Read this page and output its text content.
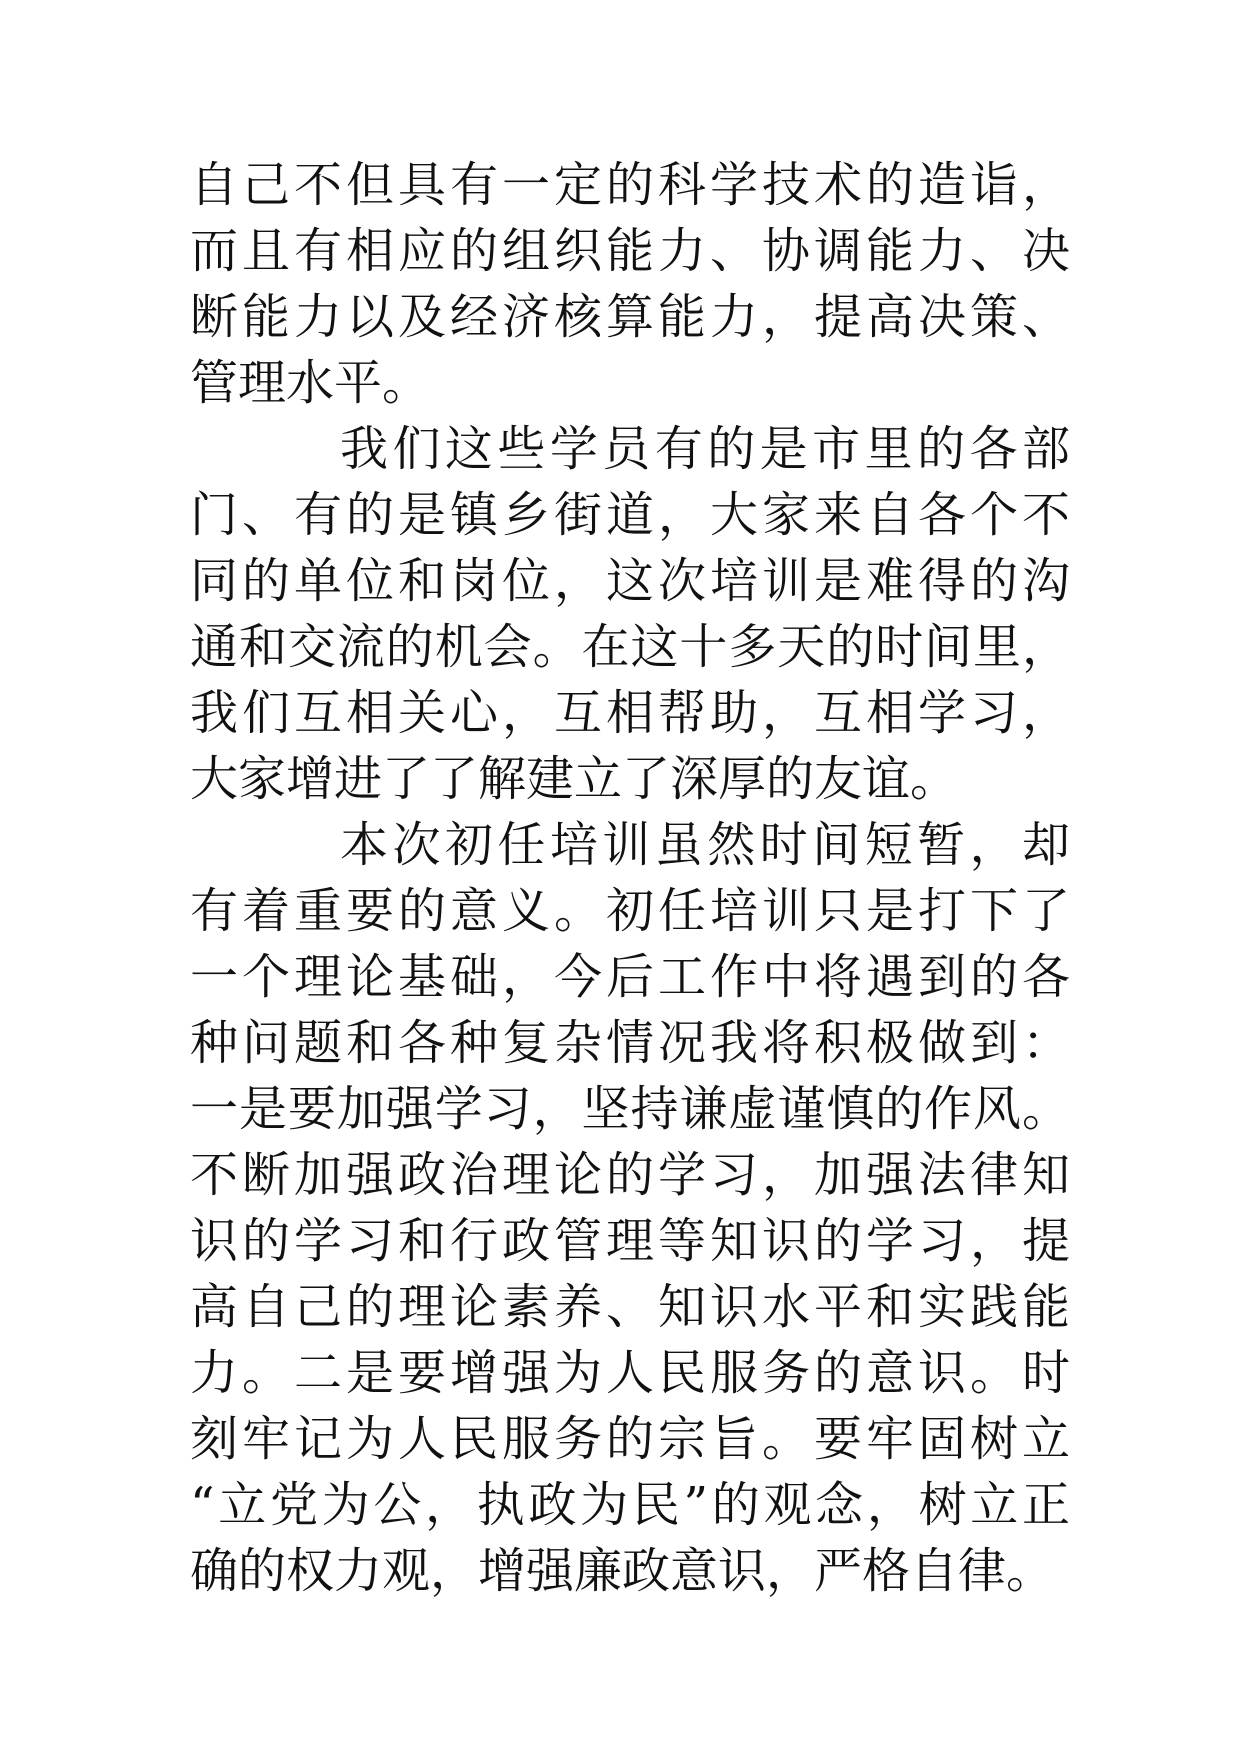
自己不但具有一定的科学技术的造诣，
而且有相应的组织能力、协调能力、决
断能力以及经济核算能力，提高决策、
管理水平。
我们这些学员有的是市里的各部
门、有的是镇乡街道，大家来自各个不
同的单位和岗位，这次培训是难得的沟
通和交流的机会。在这十多天的时间里，
我们互相关心，互相帮助，互相学习，
大家增进了了解建立了深厚的友谊。
本次初任培训虽然时间短暂，却
有着重要的意义。初任培训只是打下了
一个理论基础，今后工作中将遇到的各
种问题和各种复杂情况我将积极做到：
一是要加强学习，坚持谦虚谨慎的作风。
不断加强政治理论的学习，加强法律知
识的学习和行政管理等知识的学习，提
高自己的理论素养、知识水平和实践能
力。二是要增强为人民服务的意识。时
刻牢记为人民服务的宗旨。要牢固树立
“立党为公，执政为民”的观念，树立正
确的权力观，增强廉政意识，严格自律。
